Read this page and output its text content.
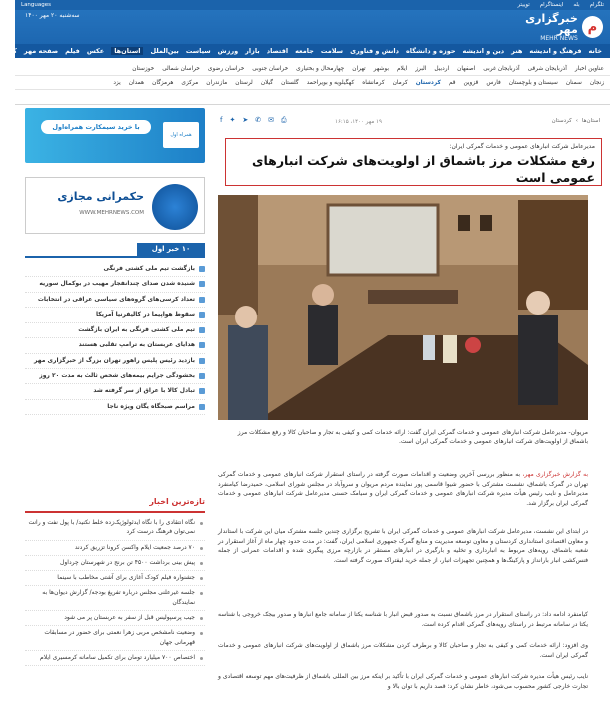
تلگرام
بله
اینستاگرام
توییتر
Languages
م
خبرگزاری مهر
MEHR NEWS
سه‌شنبه ۲۰ مهر ۱۴۰۰
خانه
فرهنگ و اندیشه
هنر
دین و اندیشه
حوزه و دانشگاه
دانش و فناوری
سلامت
جامعه
اقتصاد
بازار
ورزش
سیاست
بین‌الملل
استان‌ها
عکس
فیلم
صفحه مهر
کرونا
عناوین اخبار
آذربایجان شرقی
آذربایجان غربی
اصفهان
اردبیل
البرز
ایلام
بوشهر
تهران
چهارمحال و بختیاری
خراسان جنوبی
خراسان رضوی
خراسان شمالی
خوزستان
زنجان
سمنان
سیستان و بلوچستان
فارس
قزوین
قم
کردستان
کرمان
کرمانشاه
کهگیلویه و بویراحمد
گلستان
گیلان
لرستان
مازندران
مرکزی
هرمزگان
همدان
یزد
استان‌ها
›
کردستان
۱۹ مهر ۱۴۰۰، ۱۶:۱۵
⎙
✉
✆
➤
✦
f
مدیرعامل شرکت انبارهای عمومی و خدمات گمرکی ایران:
رفع مشکلات مرز باشماق از اولویت‌های شرکت انبارهای عمومی است
مریوان- مدیرعامل شرکت انبارهای عمومی و خدمات گمرکی ایران گفت: ارائه خدمات کمی و کیفی به تجار و صاحبان کالا و رفع مشکلات مرز باشماق از اولویت‌های شرکت انبارهای عمومی و خدمات گمرکی ایران است.
به گزارش خبرگزاری مهر، به منظور بررسی آخرین وضعیت و اقدامات صورت گرفته در راستای استقرار شرکت انبارهای عمومی و خدمات گمرکی تهران در گمرک باشماق، نشست مشترکی با حضور شیوا قاسمی پور نماینده مردم مریوان و سروآباد در مجلس شورای اسلامی، حمیدرضا کیامنفرد مدیرعامل و نایب رئیس هیأت مدیره شرکت انبارهای عمومی و خدمات گمرکی ایران و سیامک حسنی مدیرعامل شرکت انبارهای عمومی و خدمات گمرکی ایران برگزار شد.
در ابتدای این نشست، مدیرعامل شرکت انبارهای عمومی و خدمات گمرکی ایران با تشریح برگزاری چندین جلسه مشترک میان این شرکت با استاندار و معاون اقتصادی استانداری کردستان و معاون توسعه مدیریت و منابع گمرک جمهوری اسلامی ایران، گفت: در مدت حدود چهار ماه از آغاز استقرار در شعبه باشماق، رویه‌های مربوط به انبارداری و تخلیه و بارگیری در انبارهای مستقر در بازارچه مرزی پیگیری شده و اقدامات عمرانی از جمله فنس‌کشی انبار بارانداز و پارکینگ‌ها و همچنین تجهیزات انبار، از جمله خرید لیفتراک صورت گرفته است.
کیامنفرد ادامه داد: در راستای استقرار در مرز باشماق نسبت به صدور قبض انبار با شناسه یکتا از سامانه جامع انبارها و صدور بیجک خروجی با شناسه یکتا در سامانه مرتبط در راستای رویه‌های گمرکی اقدام کرده است.
وی افزود: ارائه خدمات کمی و کیفی به تجار و صاحبان کالا و برطرف کردن مشکلات مرز باشماق از اولویت‌های شرکت انبارهای عمومی و خدمات گمرکی ایران است.
نایب رئیس هیأت مدیره شرکت انبارهای عمومی و خدمات گمرکی ایران با تأکید بر اینکه مرز بین المللی باشماق از ظرفیت‌های مهم توسعه اقتصادی و تجارت خارجی کشور محسوب می‌شود، خاطر نشان کرد: قصد داریم با توان بالا و
با خرید سیمکارت همراه‌اول
همراه اول
حکمرانی مجازی
WWW.MEHRNEWS.COM
۱۰ خبر اول
بازگشت تیم ملی کشتی فرنگی
شنیده شدن صدای چندانفجار مهیب در بوکمال سوریه
تعداد کرسی‌های گروه‌های سیاسی عراقی در انتخابات
سقوط هواپیما در کالیفرنیا آمریکا
تیم ملی کشتی فرنگی به ایران بازگشت
هدایای عربستان به ترامپ تقلبی هستند
بازدید رئیس پلیس راهور تهران بزرگ از خبرگزاری مهر
بخشودگی جرایم بیمه‌های شخص ثالث به مدت ۲۰ روز
تبادل کالا با عراق از سر گرفته شد
مراسم صبحگاه یگان ویژه ناجا
تازه‌ترین اخبار
نگاه انتقادی را با نگاه ایدئولوژیک‌زده خلط نکنید/ با پول نفت و رانت نمی‌توان فرهنگ درست کرد
۷۰ درصد جمعیت ایلام واکسن کرونا تزریق کردند
پیش بینی برداشت ۴۵۰۰ تن برنج در شهرستان چرداول
جشنواره فیلم کودک آغازی برای آشتی مخاطب با سینما
جلسه غیرعلنی مجلس درباره تفریغ بودجه/ گزارش دیوان‌ها به نمایندگان
جیب پرسپولیس قبل از سفر به عربستان پر می شود
وضعیت نامشخص مربی زهرا نعمتی برای حضور در مسابقات قهرمانی جهان
اختصاص ۷۰۰ میلیارد تومان برای تکمیل سامانه کرمسیری ایلام
